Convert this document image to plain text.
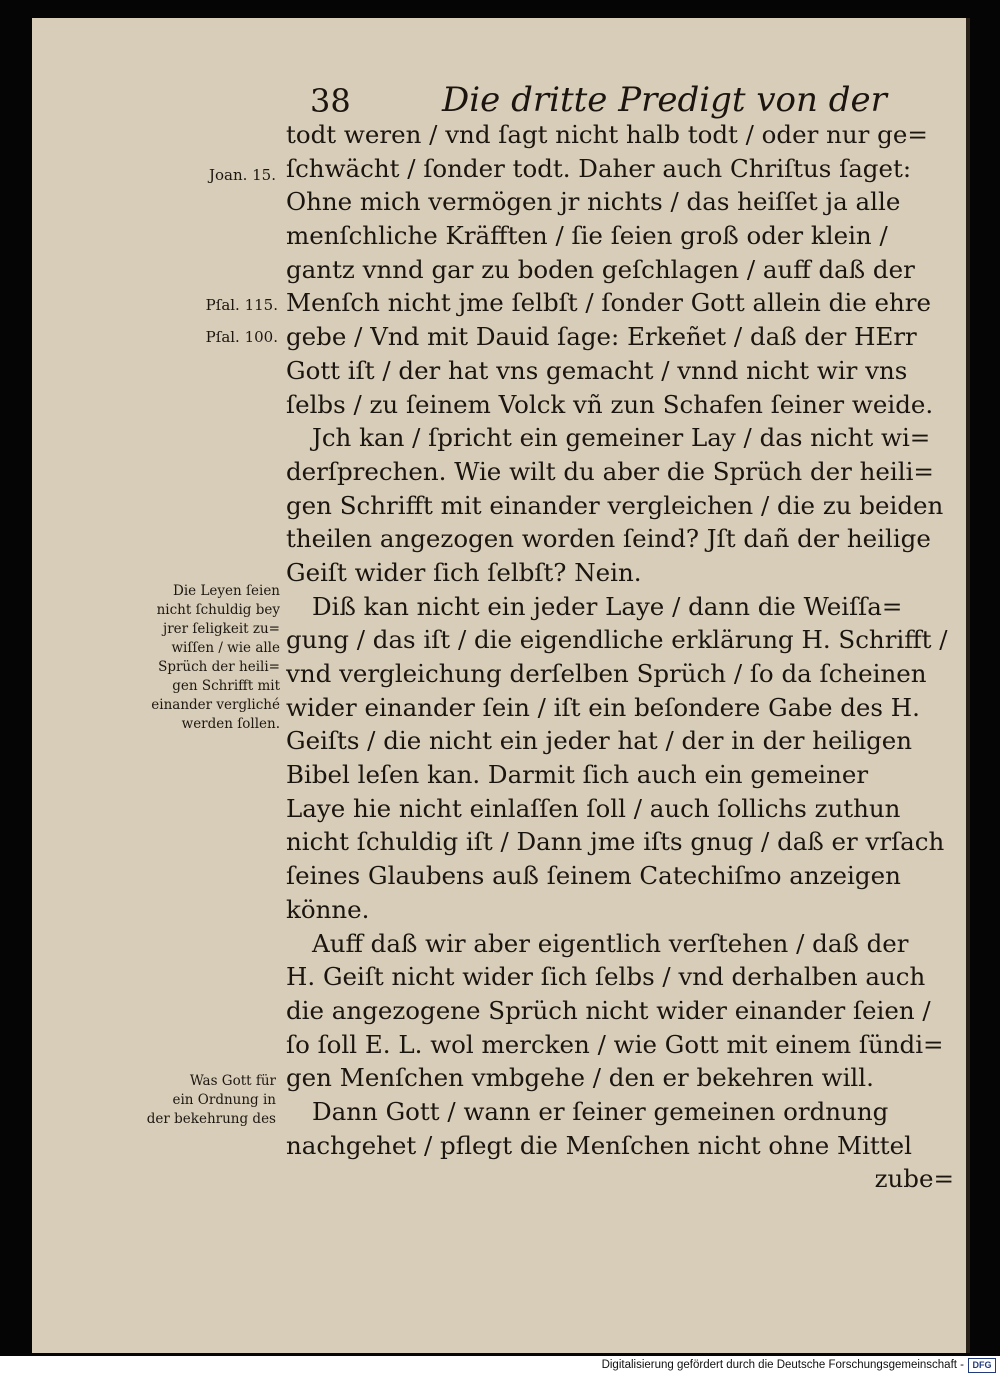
38	Die dritte Predigt von der
todt weren / vnd ſagt nicht halb todt / oder nur ge=
ſchwächt / ſonder todt. Daher auch Chriſtus ſaget:
Ohne mich vermögen jr nichts / das heiſſet ja alle
menſchliche Kräfften / ſie ſeien groß oder klein /
gantz vnnd gar zu boden geſchlagen / auff daß der
Menſch nicht jme ſelbſt / ſonder Gott allein die ehre
gebe / Vnd mit Dauid ſage: Erkeñet / daß der HErr
Gott iſt / der hat vns gemacht / vnnd nicht wir vns
ſelbs / zu ſeinem Volck vñ zun Schafen ſeiner weide.
Jch kan / ſpricht ein gemeiner Lay / das nicht wi=
derſprechen. Wie wilt du aber die Sprüch der heili=
gen Schrifft mit einander vergleichen / die zu beiden
theilen angezogen worden ſeind? Jſt dañ der heilige
Geiſt wider ſich ſelbſt? Nein.
Diß kan nicht ein jeder Laye / dann die Weiſſa=
gung / das iſt / die eigendliche erklärung H. Schrifft /
vnd vergleichung derſelben Sprüch / ſo da ſcheinen
wider einander ſein / iſt ein beſondere Gabe des H.
Geiſts / die nicht ein jeder hat / der in der heiligen
Bibel leſen kan. Darmit ſich auch ein gemeiner
Laye hie nicht einlaſſen ſoll / auch ſollichs zuthun
nicht ſchuldig iſt / Dann jme iſts gnug / daß er vrſach
ſeines Glaubens auß ſeinem Catechiſmo anzeigen
könne.
Auff daß wir aber eigentlich verſtehen / daß der
H. Geiſt nicht wider ſich ſelbs / vnd derhalben auch
die angezogene Sprüch nicht wider einander ſeien /
ſo ſoll E. L. wol mercken / wie Gott mit einem ſündi=
gen Menſchen vmbgehe / den er bekehren will.
Dann Gott / wann er ſeiner gemeinen ordnung
nachgehet / pflegt die Menſchen nicht ohne Mittel
zube=
Joan. 15.
Pſal. 115.
Pſal. 100.
Die Leyen ſeien
nicht ſchuldig bey
jrer ſeligkeit zu=
wiſſen / wie alle
Sprüch der heili=
gen Schrifft mit
einander vergliché
werden ſollen.
Was Gott für
ein Ordnung in
der bekehrung des
Digitalisierung gefördert durch die Deutsche Forschungsgemeinschaft - DFG
